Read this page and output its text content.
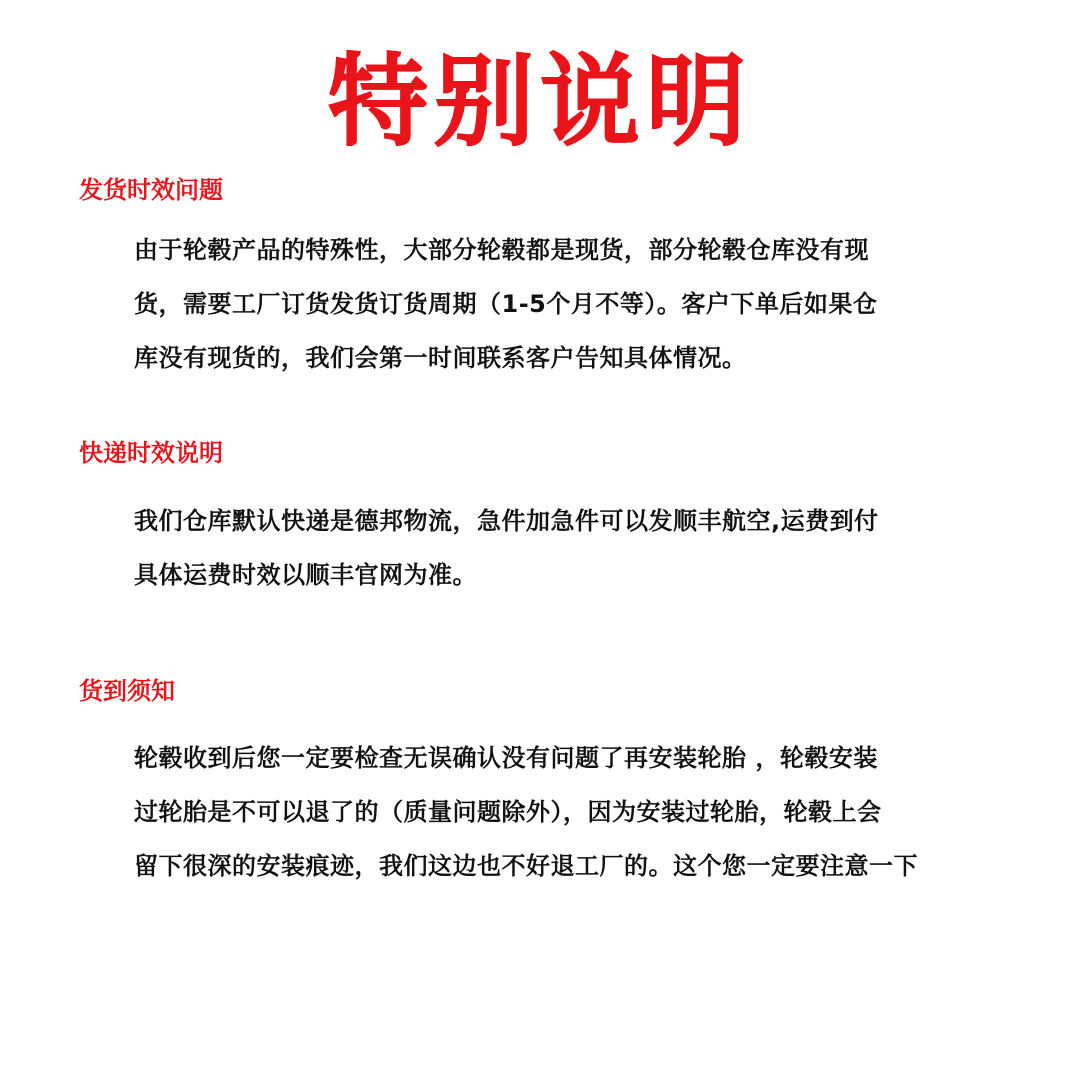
特别说明
发货时效问题
由于轮毂产品的特殊性，大部分轮毂都是现货，部分轮毂仓库没有现
货，需要工厂订货发货订货周期（1-5个月不等）。客户下单后如果仓
库没有现货的，我们会第一时间联系客户告知具体情况。
快递时效说明
我们仓库默认快递是德邦物流，急件加急件可以发顺丰航空,运费到付
具体运费时效以顺丰官网为准。
货到须知
轮毂收到后您一定要检查无误确认没有问题了再安装轮胎 ，轮毂安装
过轮胎是不可以退了的（质量问题除外），因为安装过轮胎，轮毂上会
留下很深的安装痕迹，我们这边也不好退工厂的。这个您一定要注意一下
